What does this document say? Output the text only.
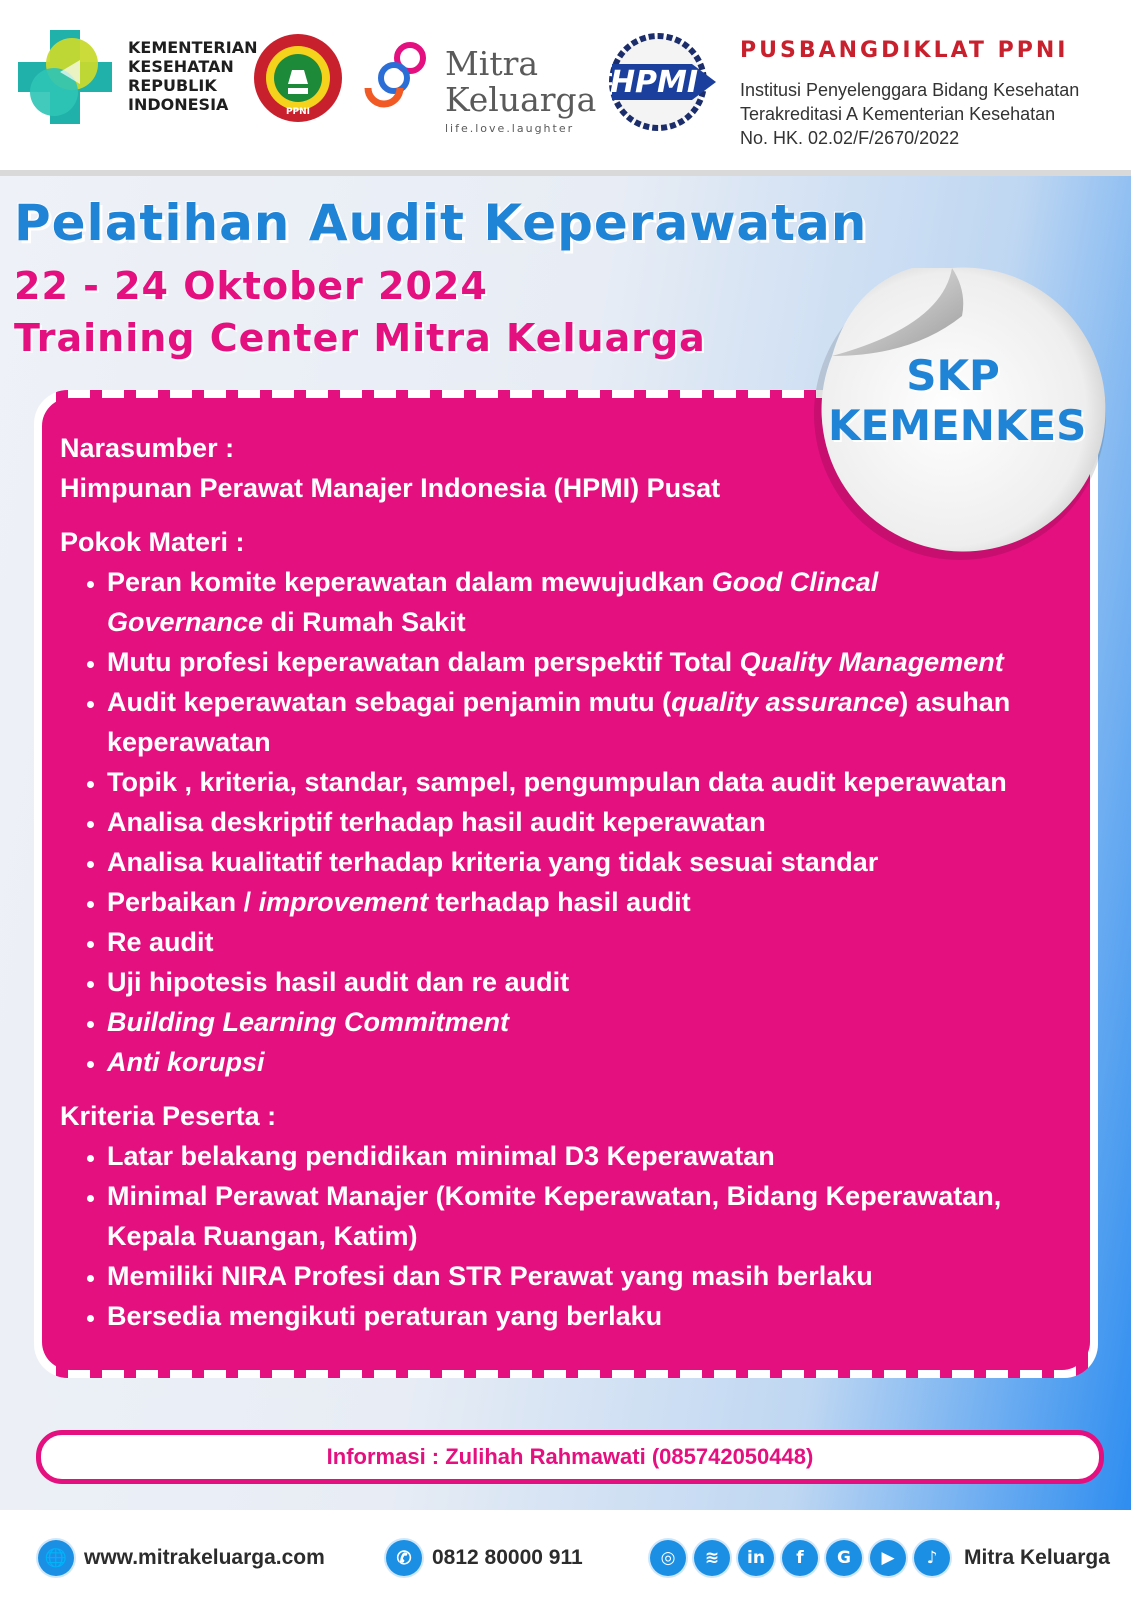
KEMENTERIAN
KESEHATAN
REPUBLIK
INDONESIA	PPNI
Mitra
Keluarga
life.love.laughter
HPMI
PUSBANGDIKLAT PPNI
Institusi Penyelenggara Bidang Kesehatan
Terakreditasi A Kementerian Kesehatan
No. HK. 02.02/F/2670/2022
Pelatihan Audit Keperawatan
22 - 24 Oktober 2024
Training Center Mitra Keluarga

Narasumber :

Himpunan Perawat Manajer Indonesia (HPMI) Pusat

Pokok Materi :

• Peran komite keperawatan dalam mewujudkan Good Clincal Governance di Rumah Sakit
• Mutu profesi keperawatan dalam perspektif Total Quality Management
• Audit keperawatan sebagai penjamin mutu (quality assurance) asuhan keperawatan
• Topik , kriteria, standar, sampel, pengumpulan data audit keperawatan
• Analisa deskriptif terhadap hasil audit keperawatan
• Analisa kualitatif terhadap kriteria yang tidak sesuai standar
• Perbaikan / improvement terhadap hasil audit
• Re audit
• Uji hipotesis hasil audit dan re audit
• Building Learning Commitment
• Anti korupsi

Kriteria Peserta :

• Latar belakang pendidikan minimal D3 Keperawatan
• Minimal Perawat Manajer (Komite Keperawatan, Bidang Keperawatan, Kepala Ruangan, Katim)
• Memiliki NIRA Profesi dan STR Perawat yang masih berlaku
• Bersedia mengikuti peraturan yang berlaku
SKP
KEMENKES
Informasi : Zulihah Rahmawati (085742050448)
🌐 www.mitrakeluarga.com	✆ 0812 80000 911	◎	≋	in	f	G	▶	♪	Mitra Keluarga
